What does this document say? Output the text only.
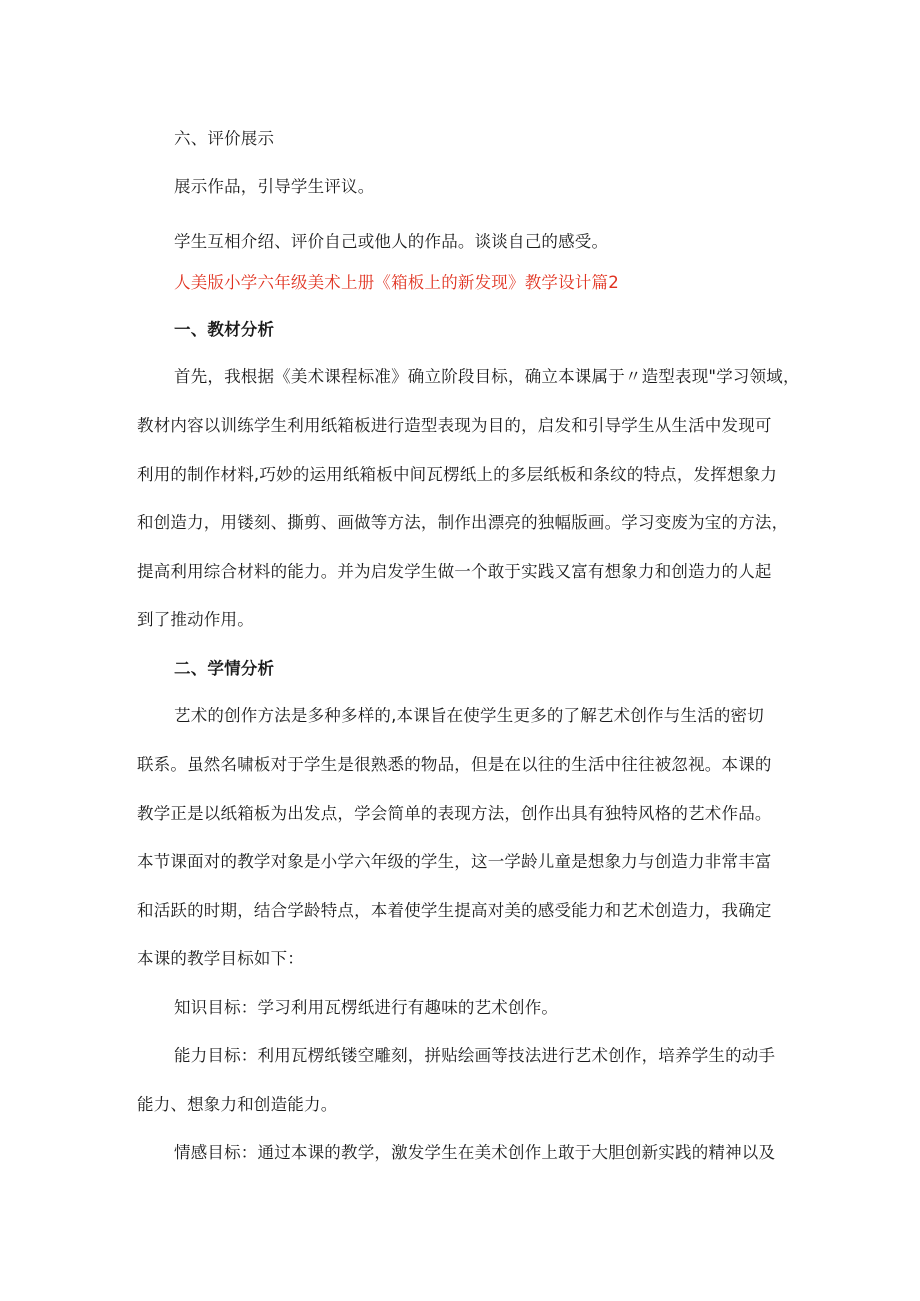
六、评价展示
展示作品，引导学生评议。
学生互相介绍、评价自己或他人的作品。谈谈自己的感受。
人美版小学六年级美术上册《箱板上的新发现》教学设计篇2
一、教材分析
首先，我根据《美术课程标准》确立阶段目标，确立本课属于〃造型表现"学习领域，
教材内容以训练学生利用纸箱板进行造型表现为目的，启发和引导学生从生活中发现可
利用的制作材料,巧妙的运用纸箱板中间瓦楞纸上的多层纸板和条纹的特点，发挥想象力
和创造力，用镂刻、撕剪、画做等方法，制作出漂亮的独幅版画。学习变废为宝的方法，
提高利用综合材料的能力。并为启发学生做一个敢于实践又富有想象力和创造力的人起
到了推动作用。
二、学情分析
艺术的创作方法是多种多样的,本课旨在使学生更多的了解艺术创作与生活的密切
联系。虽然名啸板对于学生是很熟悉的物品，但是在以往的生活中往往被忽视。本课的
教学正是以纸箱板为出发点，学会简单的表现方法，创作出具有独特风格的艺术作品。
本节课面对的教学对象是小学六年级的学生，这一学龄儿童是想象力与创造力非常丰富
和活跃的时期，结合学龄特点，本着使学生提高对美的感受能力和艺术创造力，我确定
本课的教学目标如下：
知识目标：学习利用瓦楞纸进行有趣味的艺术创作。
能力目标：利用瓦楞纸镂空雕刻，拼贴绘画等技法进行艺术创作，培养学生的动手
能力、想象力和创造能力。
情感目标：通过本课的教学，激发学生在美术创作上敢于大胆创新实践的精神以及
